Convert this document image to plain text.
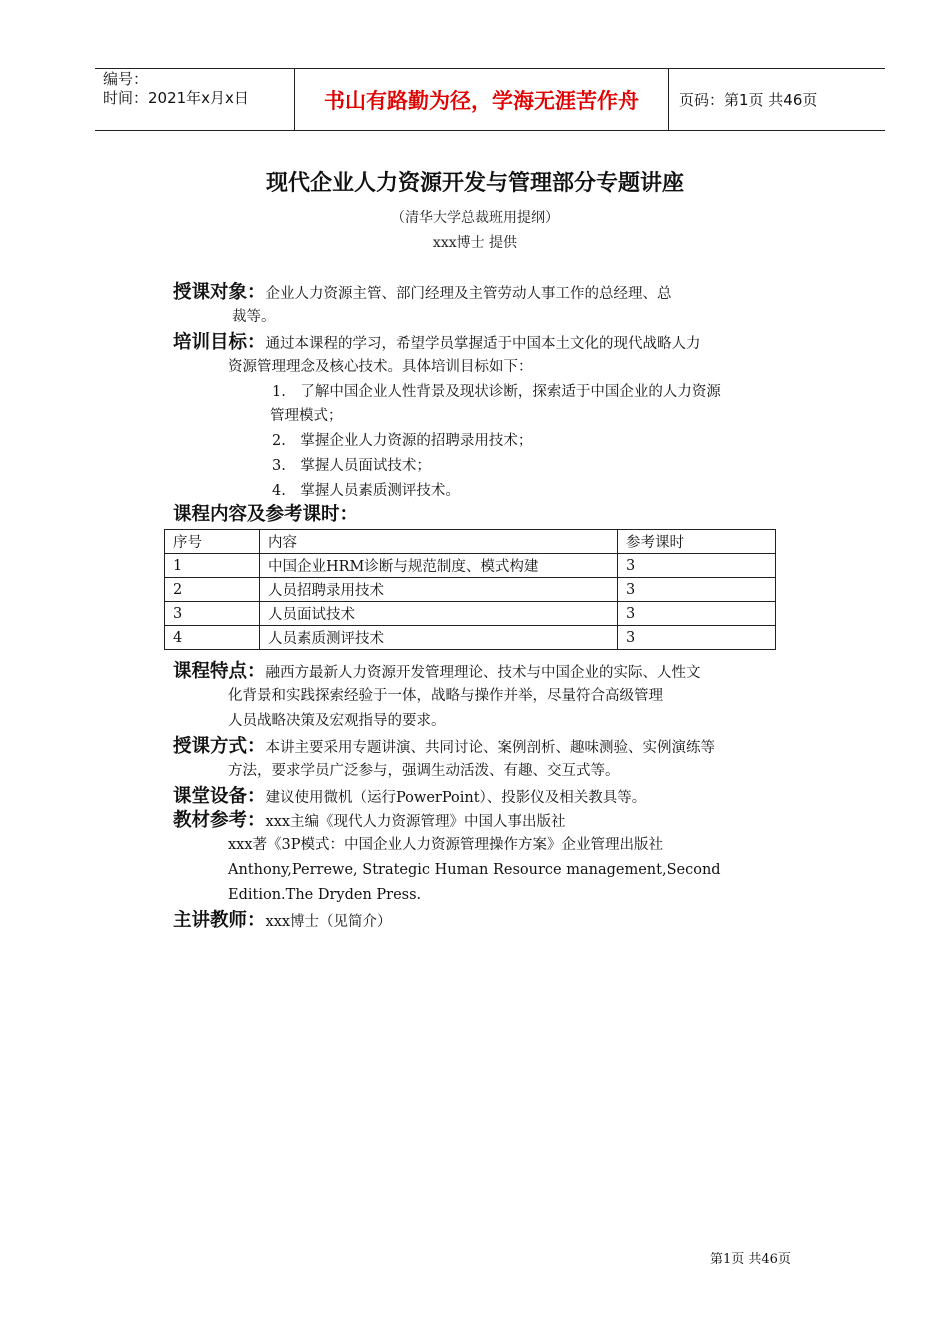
编号：
时间：2021年x月x日	书山有路勤为径，学海无涯苦作舟	页码：第1页 共46页
现代企业人力资源开发与管理部分专题讲座
（清华大学总裁班用提纲）
xxx博士 提供
授课对象：企业人力资源主管、部门经理及主管劳动人事工作的总经理、总
裁等。
培训目标：通过本课程的学习，希望学员掌握适于中国本土文化的现代战略人力
资源管理理念及核心技术。具体培训目标如下：
1.　了解中国企业人性背景及现状诊断，探索适于中国企业的人力资源
管理模式；
2.　掌握企业人力资源的招聘录用技术；
3.　掌握人员面试技术；
4.　掌握人员素质测评技术。
课程内容及参考课时：
序号	内容	参考课时
1	中国企业HRM诊断与规范制度、模式构建	3
2	人员招聘录用技术	3
3	人员面试技术	3
4	人员素质测评技术	3
课程特点：融西方最新人力资源开发管理理论、技术与中国企业的实际、人性文
化背景和实践探索经验于一体，战略与操作并举，尽量符合高级管理
人员战略决策及宏观指导的要求。
授课方式：本讲主要采用专题讲演、共同讨论、案例剖析、趣味测验、实例演练等
方法，要求学员广泛参与，强调生动活泼、有趣、交互式等。
课堂设备：建议使用微机（运行PowerPoint）、投影仪及相关教具等。
教材参考：xxx主编《现代人力资源管理》中国人事出版社
xxx著《3P模式：中国企业人力资源管理操作方案》企业管理出版社
Anthony,Perrewe, Strategic Human Resource management,Second
Edition.The Dryden Press.
主讲教师：xxx博士（见简介）
第1页 共46页
